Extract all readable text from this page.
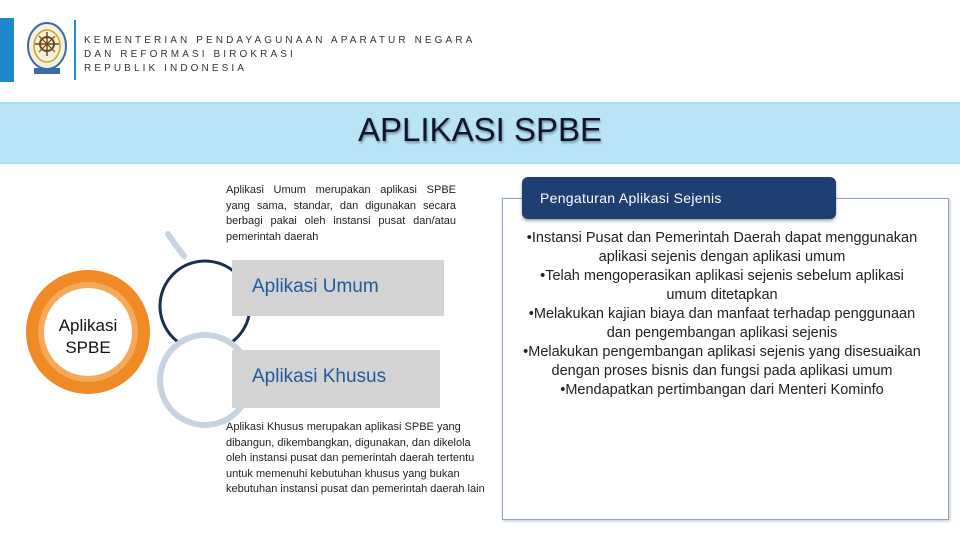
KEMENTERIAN PENDAYAGUNAAN APARATUR NEGARA
DAN REFORMASI BIROKRASI
REPUBLIK INDONESIA
APLIKASI SPBE
Aplikasi
SPBE
Aplikasi Umum merupakan aplikasi SPBE yang sama, standar, dan digunakan secara berbagi pakai oleh instansi pusat dan/atau pemerintah daerah
Aplikasi Umum
Aplikasi Khusus
Aplikasi Khusus merupakan aplikasi SPBE yang dibangun, dikembangkan, digunakan, dan dikelola oleh instansi pusat dan pemerintah daerah tertentu untuk memenuhi kebutuhan khusus yang bukan kebutuhan instansi pusat dan pemerintah daerah lain
Pengaturan Aplikasi Sejenis
• Instansi Pusat dan Pemerintah Daerah dapat menggunakan aplikasi sejenis dengan aplikasi umum
• Telah mengoperasikan aplikasi sejenis sebelum aplikasi umum ditetapkan
• Melakukan kajian biaya dan manfaat terhadap penggunaan dan pengembangan aplikasi sejenis
• Melakukan pengembangan aplikasi sejenis yang disesuaikan dengan proses bisnis dan fungsi pada aplikasi umum
• Mendapatkan pertimbangan dari Menteri Kominfo
